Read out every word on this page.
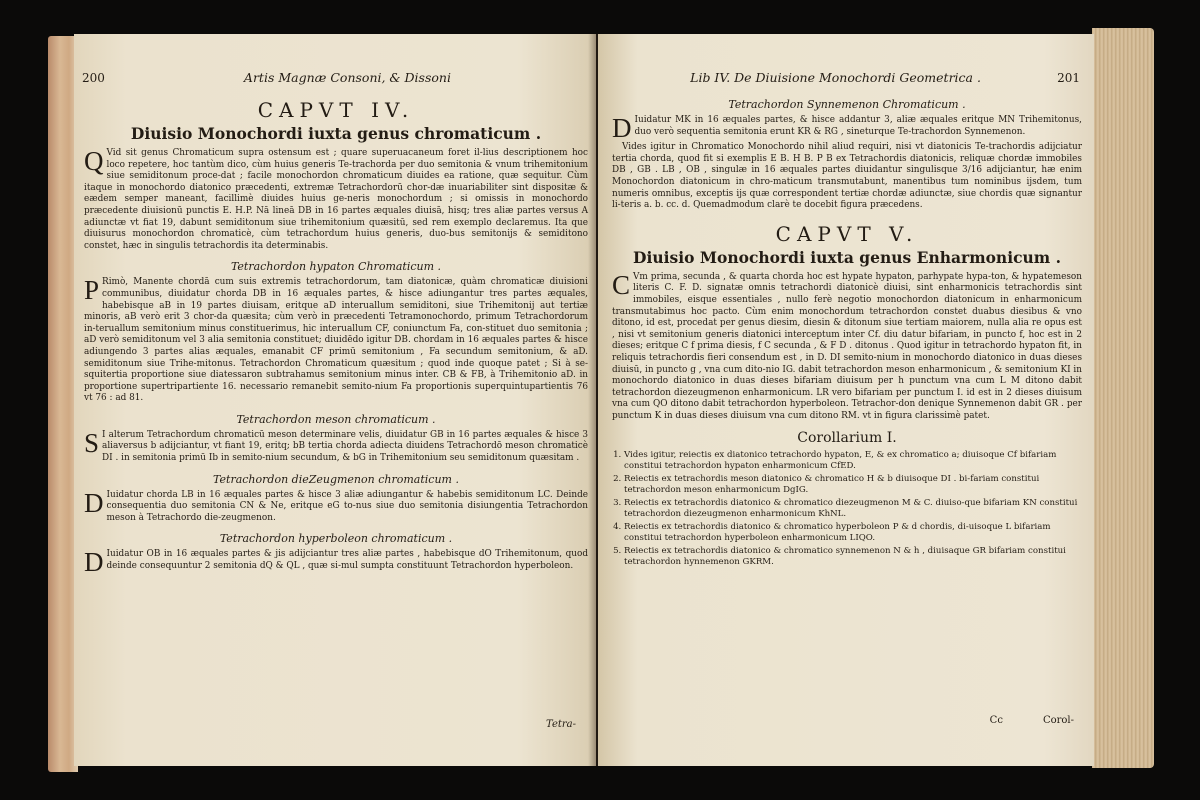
200	Artis Magnæ Consoni, & Dissoni
CAPVT IV.
Diuisio Monochordi iuxta genus chromaticum .

Q Vid sit genus Chromaticum supra ostensum est ; quare superuacaneum foret il-lius descriptionem hoc loco repetere, hoc tantùm dico, cùm huius generis Te-trachorda per duo semitonia & vnum trihemitonium siue semiditonum proce-dat ; facile monochordon chromaticum diuides ea ratione, quæ sequitur. Cùm itaque in monochordo diatonico præcedenti, extremæ Tetrachordorū chor-dæ inuariabiliter sint dispositæ & eædem semper maneant, facillimè diuides huius ge-neris monochordum ; si omissis in monochordo præcedente diuisionū punctis E. H.P. Nā lineā DB in 16 partes æquales diuisā, hisq; tres aliæ partes versus A adiunctæ vt fiat 19, dabunt semiditonum siue trihemitonium quæsitū, sed rem exemplo declaremus. Ita que diuisurus monochordon chromaticè, cùm tetrachordum huius generis, duo-bus semitonijs & semiditono constet, hæc in singulis tetrachordis ita determinabis.

Tetrachordon hypaton Chromaticum .

P Rimò, Manente chordā cum suis extremis tetrachordorum, tam diatonicæ, quàm chromaticæ diuisioni communibus, diuidatur chorda DB in 16 æquales partes, & hisce adiungantur tres partes æquales, habebisque aB in 19 partes diuisam, eritque aD interuallum semiditoni, siue Trihemitonij aut tertiæ minoris, aB verò erit 3 chor-da quæsita; cùm verò in præcedenti Tetramonochordo, primum Tetrachordorum in-teruallum semitonium minus constituerimus, hic interuallum CF, coniunctum Fa, con-stituet duo semitonia ; aD verò semiditonum vel 3 alia semitonia constituet; diuidēdo igitur DB. chordam in 16 æquales partes & hisce adiungendo 3 partes alias æquales, emanabit CF primū semitonium , Fa secundum semitonium, & aD. semiditonum siue Trihe-mitonus. Tetrachordon Chromaticum quæsitum ; quod inde quoque patet ; Si à se-squitertia proportione siue diatessaron subtrahamus semitonium minus inter. CB & FB, à Trihemitonio aD. in proportione supertripartiente 16. necessario remanebit semito-nium Fa proportionis superquintupartientis 76 vt 76 : ad 81.

Tetrachordon meson chromaticum .

S I alterum Tetrachordum chromaticū meson determinare velis, diuidatur GB in 16 partes æquales & hisce 3 aliaversus b adijciantur, vt fiant 19, eritq; bB tertia chorda adiecta diuidens Tetrachordō meson chromaticè DI . in semitonia primū Ib in semito-nium secundum, & bG in Trihemitonium seu semiditonum quæsitam .

Tetrachordon dieZeugmenon chromaticum .

D Iuidatur chorda LB in 16 æquales partes & hisce 3 aliæ adiungantur & habebis semiditonum LC. Deinde consequentia duo semitonia CN & Ne, eritque eG to-nus siue duo semitonia disiungentia Tetrachordon meson à Tetrachordo die-zeugmenon.

Tetrachordon hyperboleon chromaticum .

D Iuidatur OB in 16 æquales partes & jis adijciantur tres aliæ partes , habebisque dO Trihemitonum, quod deinde consequuntur 2 semitonia dQ & QL , quæ si-mul sumpta constituunt Tetrachordon hyperboleon.

Tetra-
Lib IV. De Diuisione Monochordi Geometrica .	201
Tetrachordon Synnemenon Chromaticum .

D Iuidatur MK in 16 æquales partes, & hisce addantur 3, aliæ æquales eritque MN Trihemitonus, duo verò sequentia semitonia erunt KR & RG , sineturque Te-trachordon Synnemenon.

Vides igitur in Chromatico Monochordo nihil aliud requiri, nisi vt diatonicis Te-trachordis adijciatur tertia chorda, quod fit si exemplis E B. H B. P B ex Tetrachordis diatonicis, reliquæ chordæ immobiles DB , GB . LB , OB , singulæ in 16 æquales partes diuidantur singulisque 3/16 adijciantur, hæ enim Monochordon diatonicum in chro-maticum transmutabunt, manentibus tum nominibus ijsdem, tum numeris omnibus, exceptis ijs quæ correspondent tertiæ chordæ adiunctæ, siue chordis quæ signantur li-teris a. b. cc. d. Quemadmodum clarè te docebit figura præcedens.

CAPVT V.
Diuisio Monochordi iuxta genus Enharmonicum .

C Vm prima, secunda , & quarta chorda hoc est hypate hypaton, parhypate hypa-ton, & hypatemeson literis C. F. D. signatæ omnis tetrachordi diatonicè diuisi, sint enharmonicis tetrachordis sint immobiles, eisque essentiales , nullo ferè negotio monochordon diatonicum in enharmonicum transmutabimus hoc pacto. Cùm enim monochordum tetrachordon constet duabus diesibus & vno ditono, id est, procedat per genus diesim, diesin & ditonum siue tertiam maiorem, nulla alia re opus est , nisi vt semitonium generis diatonici interceptum inter Cf. diu datur bifariam, in puncto f, hoc est in 2 dieses; eritque C f prima diesis, f C secunda , & F D . ditonus . Quod igitur in tetrachordo hypaton fit, in reliquis tetrachordis fieri consendum est , in D. DI semito-nium in monochordo diatonico in duas dieses diuisū, in puncto g , vna cum dito-nio IG. dabit tetrachordon meson enharmonicum , & semitonium KI in monochordo diatonico in duas dieses bifariam diuisum per h punctum vna cum L M ditono dabit tetrachordon diezeugmenon enharmonicum. LR vero bifariam per punctum I. id est in 2 dieses diuisum vna cum QO ditono dabit tetrachordon hyperboleon. Tetrachor-don denique Synnemenon dabit GR . per punctum K in duas dieses diuisum vna cum ditono RM. vt in figura clarissimè patet.

Corollarium I.
1. Vides igitur, reiectis ex diatonico tetrachordo hypaton, E, & ex chromatico a; diuisoque Cf bifariam constitui tetrachordon hypaton enharmonicum CfED.
2. Reiectis ex tetrachordis meson diatonico & chromatico H & b diuisoque DI . bi-fariam constitui tetrachordon meson enharmonicum DgIG.
3. Reiectis ex tetrachordis diatonico & chromatico diezeugmenon M & C. diuiso-que bifariam KN constitui tetrachordon diezeugmenon enharmonicum KhNL.
4. Reiectis ex tetrachordis diatonico & chromatico hyperboleon P & d chordis, di-uisoque L bifariam constitui tetrachordon hyperboleon enharmonicum LIQO.
5. Reiectis ex tetrachordis diatonico & chromatico synnemenon N & h , diuisaque GR bifariam constitui tetrachordon hynnemenon GKRM.
Cc	Corol-
